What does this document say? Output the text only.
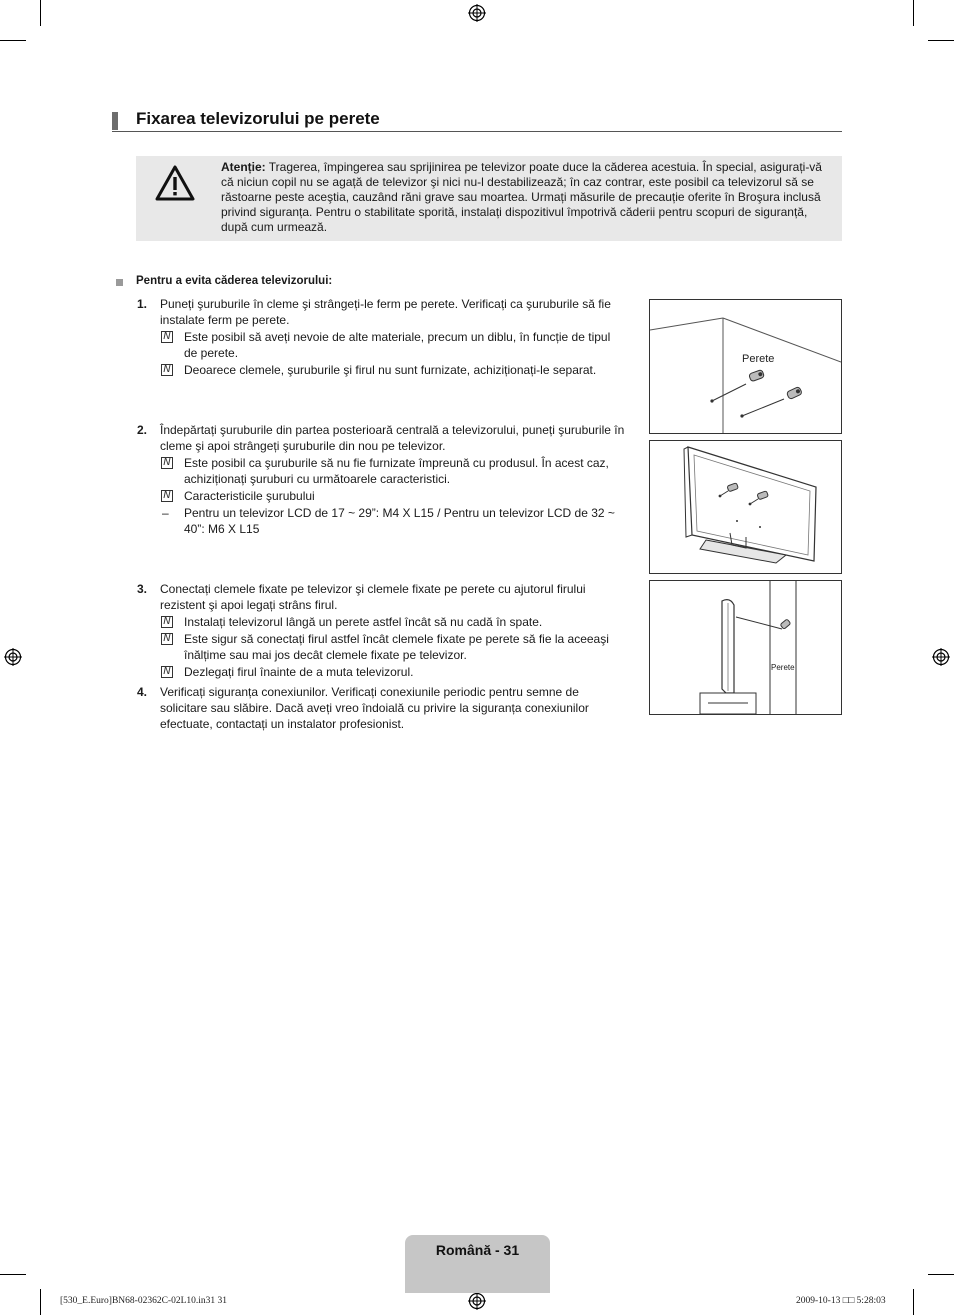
Fixarea televizorului pe perete
Atenție: Tragerea, împingerea sau sprijinirea pe televizor poate duce la căderea acestuia. În special, asigurați-vă
că niciun copil nu se agață de televizor şi nici nu-l destabilizează; în caz contrar, este posibil ca televizorul să se
răstoarne peste aceştia, cauzând răni grave sau moartea. Urmați măsurile de precauție oferite în Broşura inclusă
privind siguranța. Pentru o stabilitate sporită, instalați dispozitivul împotrivă căderii pentru scopuri de siguranță,
după cum urmează.
Pentru a evita căderea televizorului:
1. Puneți şuruburile în cleme şi strângeți-le ferm pe perete. Verificați ca şuruburile să fie
instalate ferm pe perete.
N Este posibil să aveți nevoie de alte materiale, precum un diblu, în funcție de tipul
de perete.
N Deoarece clemele, şuruburile şi firul nu sunt furnizate, achiziționați-le separat.
2. Îndepărtați şuruburile din partea posterioară centrală a televizorului, puneți şuruburile în
cleme şi apoi strângeți şuruburile din nou pe televizor.
N Este posibil ca şuruburile să nu fie furnizate împreună cu produsul. În acest caz,
achiziționați şuruburi cu următoarele caracteristici.
N Caracteristicile şurubului
– Pentru un televizor LCD de 17 ~ 29”: M4 X L15 / Pentru un televizor LCD de 32 ~
40”: M6 X L15
3. Conectați clemele fixate pe televizor şi clemele fixate pe perete cu ajutorul firului
rezistent şi apoi legați strâns firul.
N Instalați televizorul lângă un perete astfel încât să nu cadă în spate.
N Este sigur să conectați firul astfel încât clemele fixate pe perete să fie la aceeaşi
înălțime sau mai jos decât clemele fixate pe televizor.
N Dezlegați firul înainte de a muta televizorul.
4. Verificați siguranța conexiunilor. Verificați conexiunile periodic pentru semne de
solicitare sau slăbire. Dacă aveți vreo îndoială cu privire la siguranța conexiunilor
efectuate, contactați un instalator profesionist.
Perete
Perete
Română - 31
[530_E.Euro]BN68-02362C-02L10.in31 31	2009-10-13 □□ 5:28:03
